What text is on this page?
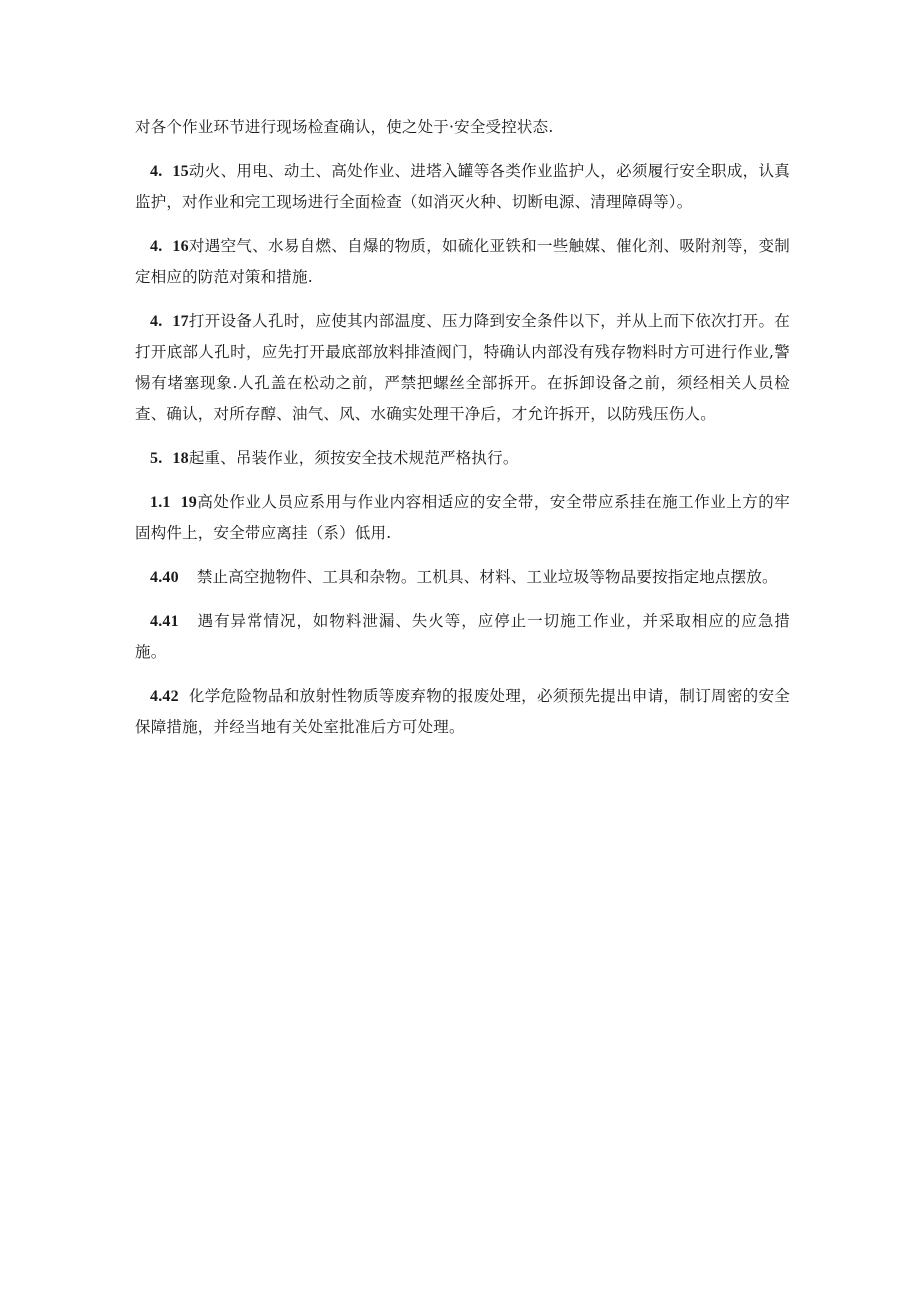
对各个作业环节进行现场检查确认，使之处于·安全受控状态.

4. 15动火、用电、动土、高处作业、进塔入罐等各类作业监护人，必须履行安全职成，认真监护，对作业和完工现场进行全面检查（如消灭火种、切断电源、清理障碍等）。

4. 16对遇空气、水易自燃、自爆的物质，如硫化亚铁和一些触媒、催化剂、吸附剂等，变制定相应的防范对策和措施.

4. 17打开设备人孔时，应使其内部温度、压力降到安全条件以下，并从上而下依次打开。在打开底部人孔时，应先打开最底部放料排渣阀门，特确认内部没有残存物料时方可进行作业,警惕有堵塞现象.人孔盖在松动之前，严禁把螺丝全部拆开。在拆卸设备之前，须经相关人员检查、确认，对所存醇、油气、风、水确实处理干净后，才允许拆开，以防残压伤人。

5. 18起重、吊装作业，须按安全技术规范严格执行。

1.1 19高处作业人员应系用与作业内容相适应的安全带，安全带应系挂在施工作业上方的牢固构件上，安全带应离挂（系）低用.

4.40 禁止高空抛物件、工具和杂物。工机具、材料、工业垃圾等物品要按指定地点摆放。

4.41 遇有异常情况，如物料泄漏、失火等，应停止一切施工作业，并采取相应的应急措施。

4.42 化学危险物品和放射性物质等废弃物的报废处理，必须预先提出申请，制订周密的安全保障措施，并经当地有关处室批准后方可处理。
